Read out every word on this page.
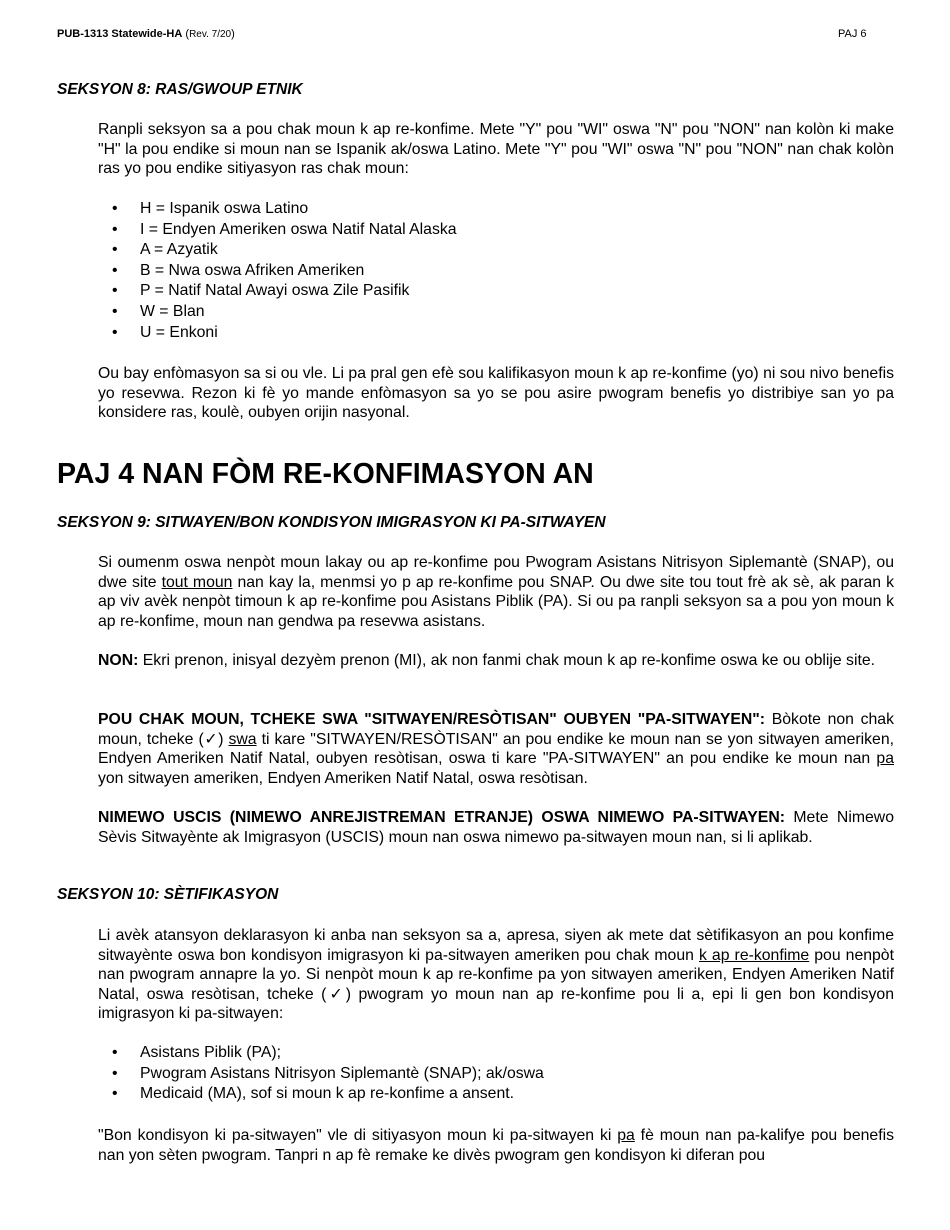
PUB-1313 Statewide-HA (Rev. 7/20)	PAJ 6
SEKSYON 8: RAS/GWOUP ETNIK
Ranpli seksyon sa a pou chak moun k ap re-konfime. Mete "Y" pou "WI" oswa "N" pou "NON" nan kolòn ki make "H" la pou endike si moun nan se Ispanik ak/oswa Latino. Mete "Y" pou "WI" oswa "N" pou "NON" nan chak kolòn ras yo pou endike sitiyasyon ras chak moun:
• H = Ispanik oswa Latino
• I = Endyen Ameriken oswa Natif Natal Alaska
• A = Azyatik
• B = Nwa oswa Afriken Ameriken
• P = Natif Natal Awayi oswa Zile Pasifik
• W = Blan
• U = Enkoni
Ou bay enfòmasyon sa si ou vle. Li pa pral gen efè sou kalifikasyon moun k ap re-konfime (yo) ni sou nivo benefis yo resevwa. Rezon ki fè yo mande enfòmasyon sa yo se pou asire pwogram benefis yo distribiye san yo pa konsidere ras, koulè, oubyen orijin nasyonal.
PAJ 4 NAN FÒM RE-KONFIMASYON AN
SEKSYON 9: SITWAYEN/BON KONDISYON IMIGRASYON KI PA-SITWAYEN
Si oumenm oswa nenpòt moun lakay ou ap re-konfime pou Pwogram Asistans Nitrisyon Siplemantè (SNAP), ou dwe site tout moun nan kay la, menmsi yo p ap re-konfime pou SNAP. Ou dwe site tou tout frè ak sè, ak paran k ap viv avèk nenpòt timoun k ap re-konfime pou Asistans Piblik (PA). Si ou pa ranpli seksyon sa a pou yon moun k ap re-konfime, moun nan gendwa pa resevwa asistans.
NON: Ekri prenon, inisyal dezyèm prenon (MI), ak non fanmi chak moun k ap re-konfime oswa ke ou oblije site.
POU CHAK MOUN, TCHEKE SWA "SITWAYEN/RESÒTISAN" OUBYEN "PA-SITWAYEN": Bòkote non chak moun, tcheke (✓) swa ti kare "SITWAYEN/RESÒTISAN" an pou endike ke moun nan se yon sitwayen ameriken, Endyen Ameriken Natif Natal, oubyen resòtisan, oswa ti kare "PA-SITWAYEN" an pou endike ke moun nan pa yon sitwayen ameriken, Endyen Ameriken Natif Natal, oswa resòtisan.
NIMEWO USCIS (NIMEWO ANREJISTREMAN ETRANJE) OSWA NIMEWO PA-SITWAYEN: Mete Nimewo Sèvis Sitwayènte ak Imigrasyon (USCIS) moun nan oswa nimewo pa-sitwayen moun nan, si li aplikab.
SEKSYON 10: SÈTIFIKASYON
Li avèk atansyon deklarasyon ki anba nan seksyon sa a, apresa, siyen ak mete dat sètifikasyon an pou konfime sitwayènte oswa bon kondisyon imigrasyon ki pa-sitwayen ameriken pou chak moun k ap re-konfime pou nenpòt nan pwogram annapre la yo. Si nenpòt moun k ap re-konfime pa yon sitwayen ameriken, Endyen Ameriken Natif Natal, oswa resòtisan, tcheke (✓) pwogram yo moun nan ap re-konfime pou li a, epi li gen bon kondisyon imigrasyon ki pa-sitwayen:
• Asistans Piblik (PA);
• Pwogram Asistans Nitrisyon Siplemantè (SNAP); ak/oswa
• Medicaid (MA), sof si moun k ap re-konfime a ansent.
"Bon kondisyon ki pa-sitwayen" vle di sitiyasyon moun ki pa-sitwayen ki pa fè moun nan pa-kalifye pou benefis nan yon sèten pwogram. Tanpri n ap fè remake ke divès pwogram gen kondisyon ki diferan pou
